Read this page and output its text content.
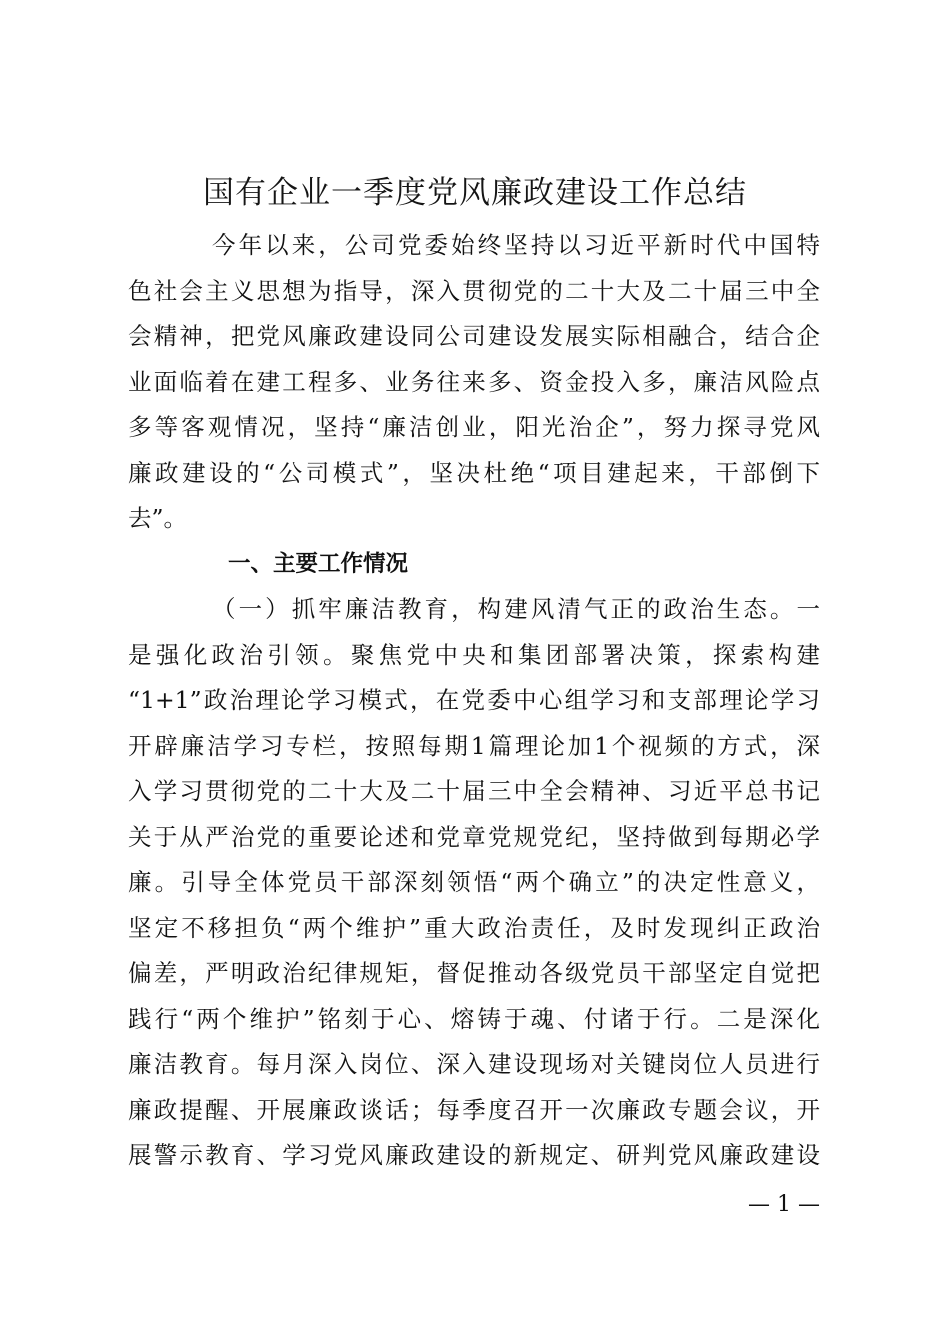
国有企业一季度党风廉政建设工作总结
今年以来，公司党委始终坚持以习近平新时代中国特
色社会主义思想为指导，深入贯彻党的二十大及二十届三中全
会精神，把党风廉政建设同公司建设发展实际相融合，结合企
业面临着在建工程多、业务往来多、资金投入多，廉洁风险点
多等客观情况，坚持“廉洁创业，阳光治企”，努力探寻党风
廉政建设的“公司模式”，坚决杜绝“项目建起来，干部倒下
去”。
一、主要工作情况
（一）抓牢廉洁教育，构建风清气正的政治生态。一
是强化政治引领。聚焦党中央和集团部署决策，探索构建
“1+1”政治理论学习模式，在党委中心组学习和支部理论学习
开辟廉洁学习专栏，按照每期1篇理论加1个视频的方式，深
入学习贯彻党的二十大及二十届三中全会精神、习近平总书记
关于从严治党的重要论述和党章党规党纪，坚持做到每期必学
廉。引导全体党员干部深刻领悟“两个确立”的决定性意义，
坚定不移担负“两个维护”重大政治责任，及时发现纠正政治
偏差，严明政治纪律规矩，督促推动各级党员干部坚定自觉把
践行“两个维护”铭刻于心、熔铸于魂、付诸于行。二是深化
廉洁教育。每月深入岗位、深入建设现场对关键岗位人员进行
廉政提醒、开展廉政谈话；每季度召开一次廉政专题会议，开
展警示教育、学习党风廉政建设的新规定、研判党风廉政建设
— 1 —
